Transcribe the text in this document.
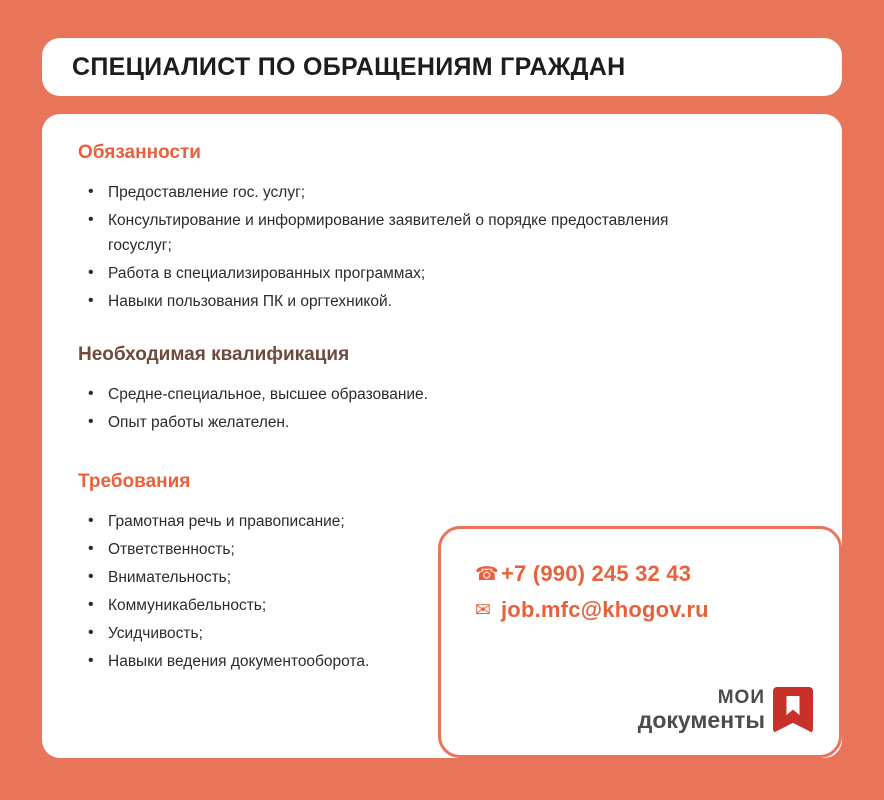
СПЕЦИАЛИСТ ПО ОБРАЩЕНИЯМ ГРАЖДАН
Обязанности
• Предоставление гос. услуг;
• Консультирование и информирование заявителей о порядке предоставления госуслуг;
• Работа в специализированных программах;
• Навыки пользования ПК и оргтехникой.
Необходимая квалификация
• Средне-специальное, высшее образование.
• Опыт работы желателен.
Требования
• Грамотная речь и правописание;
• Ответственность;
• Внимательность;
• Коммуникабельность;
• Усидчивость;
• Навыки ведения документооборота.
☎ +7 (990) 245 32 43
✉ job.mfc@khogov.ru
МОИ
документы
